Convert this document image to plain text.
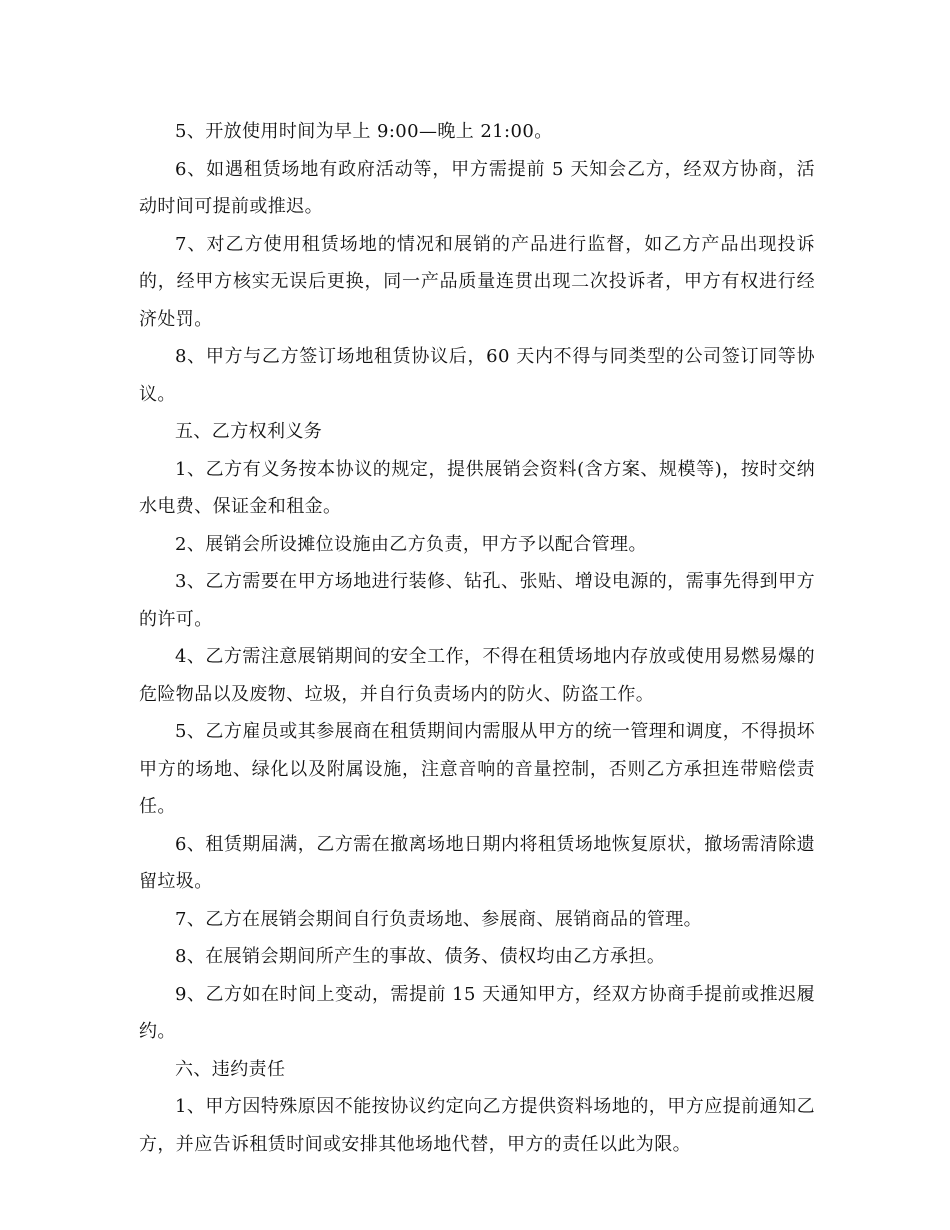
5、开放使用时间为早上 9:00—晚上 21:00。

6、如遇租赁场地有政府活动等，甲方需提前 5 天知会乙方，经双方协商，活动时间可提前或推迟。

7、对乙方使用租赁场地的情况和展销的产品进行监督，如乙方产品出现投诉的，经甲方核实无误后更换，同一产品质量连贯出现二次投诉者，甲方有权进行经济处罚。

8、甲方与乙方签订场地租赁协议后，60 天内不得与同类型的公司签订同等协议。

五、乙方权利义务

1、乙方有义务按本协议的规定，提供展销会资料(含方案、规模等)，按时交纳水电费、保证金和租金。

2、展销会所设摊位设施由乙方负责，甲方予以配合管理。

3、乙方需要在甲方场地进行装修、钻孔、张贴、增设电源的，需事先得到甲方的许可。

4、乙方需注意展销期间的安全工作，不得在租赁场地内存放或使用易燃易爆的危险物品以及废物、垃圾，并自行负责场内的防火、防盗工作。

5、乙方雇员或其参展商在租赁期间内需服从甲方的统一管理和调度，不得损坏甲方的场地、绿化以及附属设施，注意音响的音量控制，否则乙方承担连带赔偿责任。

6、租赁期届满，乙方需在撤离场地日期内将租赁场地恢复原状，撤场需清除遗留垃圾。

7、乙方在展销会期间自行负责场地、参展商、展销商品的管理。

8、在展销会期间所产生的事故、债务、债权均由乙方承担。

9、乙方如在时间上变动，需提前 15 天通知甲方，经双方协商手提前或推迟履约。

六、违约责任

1、甲方因特殊原因不能按协议约定向乙方提供资料场地的，甲方应提前通知乙方，并应告诉租赁时间或安排其他场地代替，甲方的责任以此为限。
